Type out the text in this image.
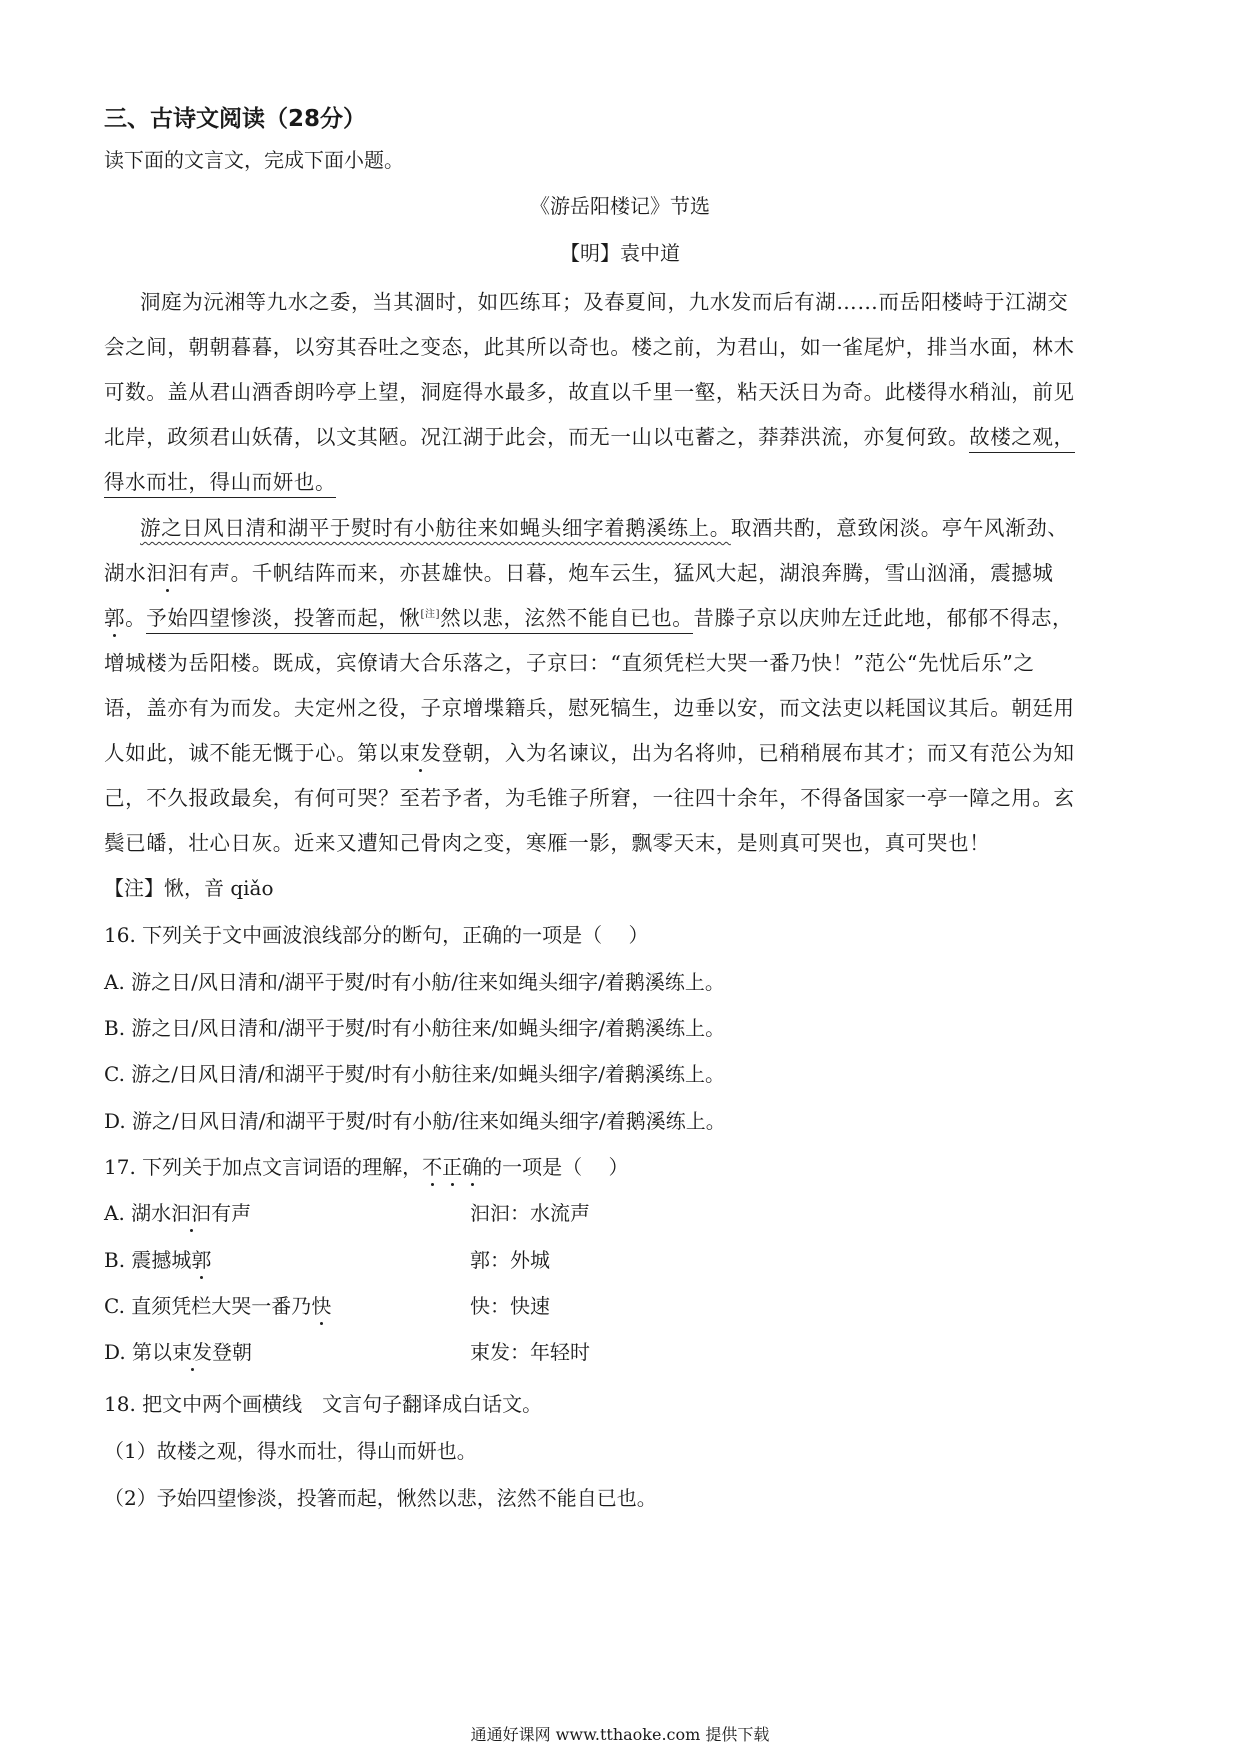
三、古诗文阅读（28分）
读下面的文言文，完成下面小题。
《游岳阳楼记》节选
【明】袁中道
洞庭为沅湘等九水之委，当其涸时，如匹练耳；及春夏间，九水发而后有湖……而岳阳楼峙于江湖交
会之间，朝朝暮暮，以穷其吞吐之变态，此其所以奇也。楼之前，为君山，如一雀尾炉，排当水面，林木
可数。盖从君山酒香朗吟亭上望，洞庭得水最多，故直以千里一壑，粘天沃日为奇。此楼得水稍汕，前见
北岸，政须君山妖蒨，以文其陋。况江湖于此会，而无一山以屯蓄之，莽莽洪流，亦复何致。故楼之观，
得水而壮，得山而妍也。
游之日风日清和湖平于熨时有小舫往来如蝇头细字着鹅溪练上。取酒共酌，意致闲淡。亭午风渐劲、
湖水汩汩有声。千帆结阵而来，亦甚雄快。日暮，炮车云生，猛风大起，湖浪奔腾，雪山汹涌，震撼城
郭。予始四望惨淡，投箸而起，愀[注]然以悲，泫然不能自已也。昔滕子京以庆帅左迁此地，郁郁不得志，
增城楼为岳阳楼。既成，宾僚请大合乐落之，子京曰：“直须凭栏大哭一番乃快！”范公“先忧后乐”之
语，盖亦有为而发。夫定州之役，子京增堞籍兵，慰死犒生，边垂以安，而文法吏以耗国议其后。朝廷用
人如此，诚不能无慨于心。第以束发登朝，入为名谏议，出为名将帅，已稍稍展布其才；而又有范公为知
己，不久报政最矣，有何可哭？至若予者，为毛锥子所窘，一往四十余年，不得备国家一亭一障之用。玄
鬓已皤，壮心日灰。近来又遭知己骨肉之变，寒雁一影，飘零天末，是则真可哭也，真可哭也！
【注】愀，音 qiǎo
16. 下列关于文中画波浪线部分的断句，正确的一项是（　 ）
A. 游之日/风日清和/湖平于熨/时有小舫/往来如绳头细字/着鹅溪练上。
B. 游之日/风日清和/湖平于熨/时有小舫往来/如蝇头细字/着鹅溪练上。
C. 游之/日风日清/和湖平于熨/时有小舫往来/如蝇头细字/着鹅溪练上。
D. 游之/日风日清/和湖平于熨/时有小舫/往来如绳头细字/着鹅溪练上。
17. 下列关于加点文言词语的理解，不正确的一项是（　 ）
A. 湖水汩汩有声	汩汩：水流声
B. 震撼城郭	郭：外城
C. 直须凭栏大哭一番乃快	快：快速
D. 第以束发登朝	束发：年轻时
18. 把文中两个画横线　文言句子翻译成白话文。
（1）故楼之观，得水而壮，得山而妍也。
（2）予始四望惨淡，投箸而起，愀然以悲，泫然不能自已也。
通通好课网 www.tthaoke.com 提供下载
